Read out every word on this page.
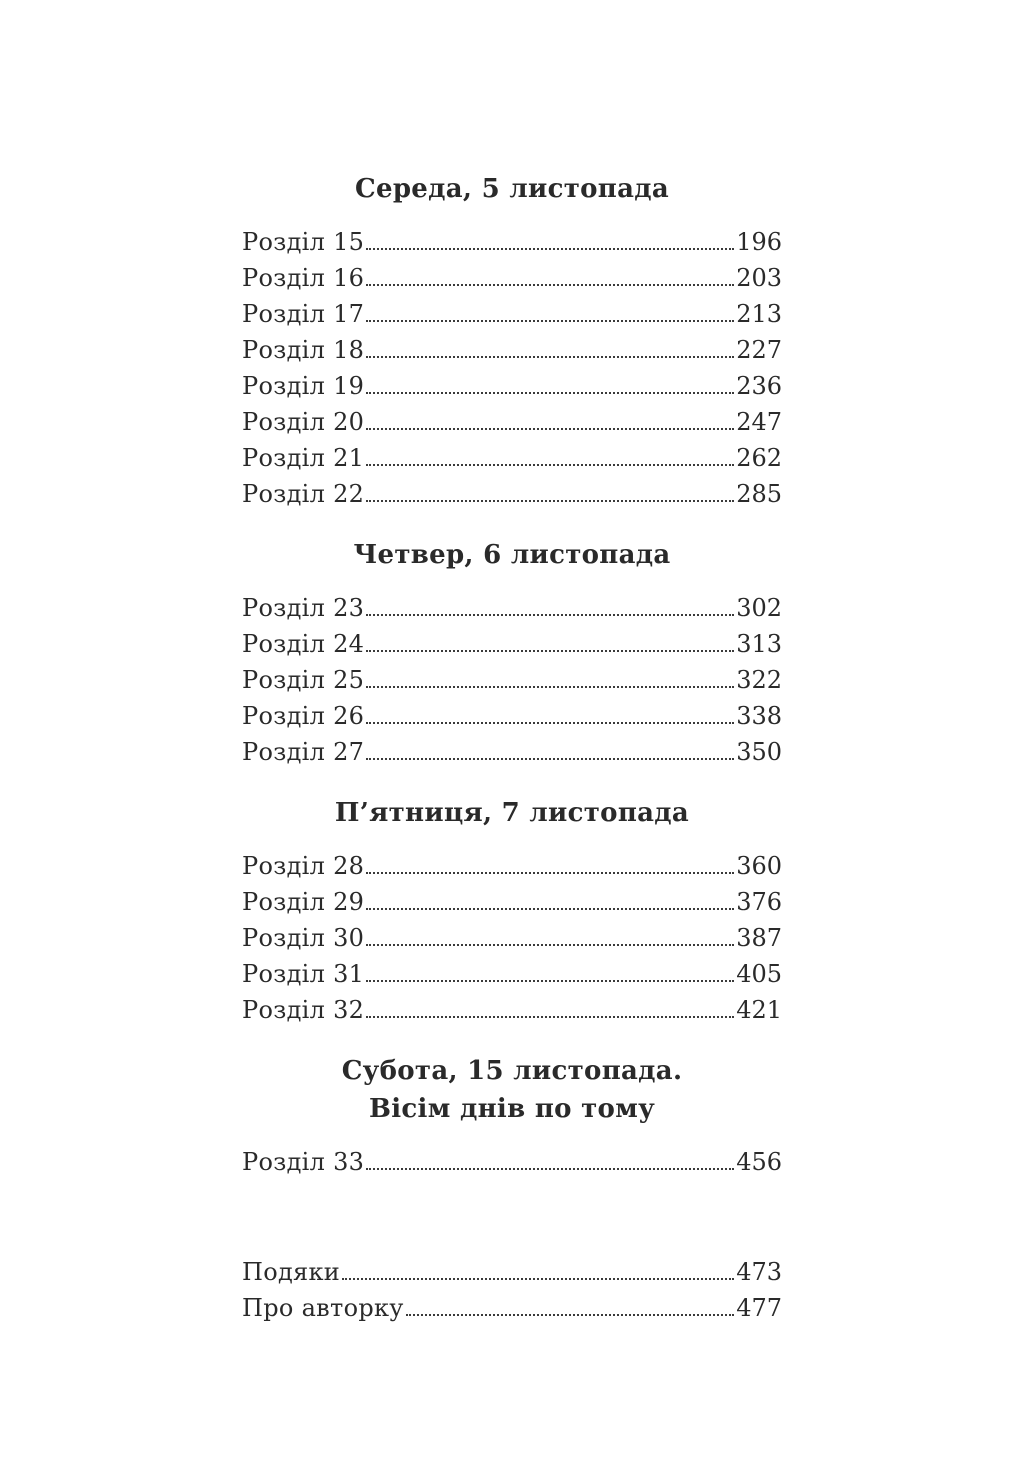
Середа, 5 листопада
Розділ 15	196
Розділ 16	203
Розділ 17	213
Розділ 18	227
Розділ 19	236
Розділ 20	247
Розділ 21	262
Розділ 22	285
Четвер, 6 листопада
Розділ 23	302
Розділ 24	313
Розділ 25	322
Розділ 26	338
Розділ 27	350
П’ятниця, 7 листопада
Розділ 28	360
Розділ 29	376
Розділ 30	387
Розділ 31	405
Розділ 32	421
Субота, 15 листопада.
Вісім днів по тому
Розділ 33	456
Подяки	473
Про авторку	477
